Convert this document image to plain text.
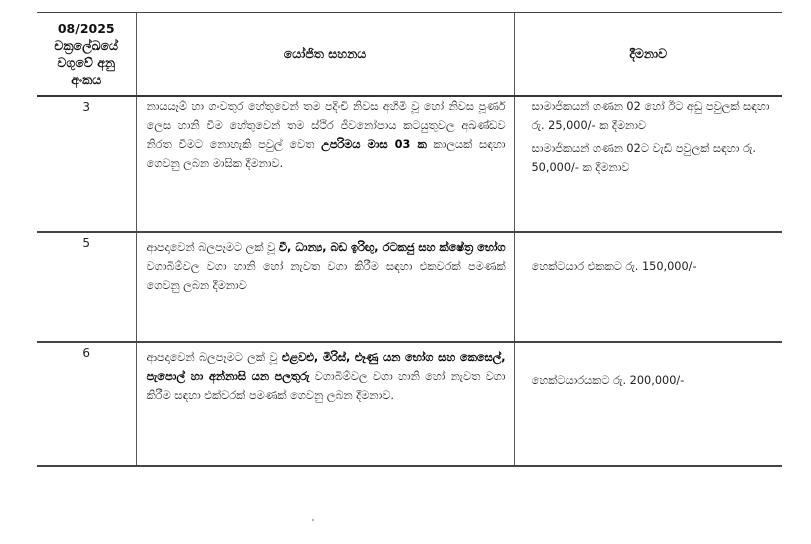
08/2025
චක්‍රලේඛයේ
වගුවේ අනු
අංකය	යෝජිත සහනය	දීමනාව
3	නායයෑම් හා ගංවතුර හේතුවෙන් තම පදිංචි නිවස අහිමි වූ හෝ නිවස පූර්ණ ලෙස හානි වීම හේතුවෙන් තම ස්ථිර ජීවනෝපාය කටයුතුවල අඛණ්ඩව නිරත වීමට නොහැකි පවුල් වෙත උපරිමය මාස 03 ක කාලයක් සඳහා ගෙවනු ලබන මාසික දීමනාව.	සාමාජිකයන් ගණන 02 හෝ ඊට අඩු පවුලක් සඳහා රු. 25,000/- ක දීමනාව
සාමාජිකයන් ගණන 02ට වැඩි පවුලක් සඳහා රු. 50,000/- ක දීමනාව

5	ආපදාවෙන් බලපෑමට ලක් වූ වී, ධාන්‍ය, බඩ ඉරිඟු, රටකජු සහ ක්ෂේත්‍ර භෝග වගාබිම්වල වගා හානි හෝ නැවත වගා කිරීම සඳහා එකවරක් පමණක් ගෙවනු ලබන දීමනාව	හෙක්ටයාර එකකට රු. 150,000/-

6	ආපදාවෙන් බලපෑමට ලක් වූ එළවළු, මිරිස්, ළූණු යන භෝග සහ කෙසෙල්, පැපොල් හා අන්නාසි යන පලතුරු වගාබිම්වල වගා හානි හෝ නැවත වගා කිරීම සඳහා එක්වරක් පමණක් ගෙවනු ලබන දීමනාව.	හෙක්ටයාරයකට රු. 200,000/-
